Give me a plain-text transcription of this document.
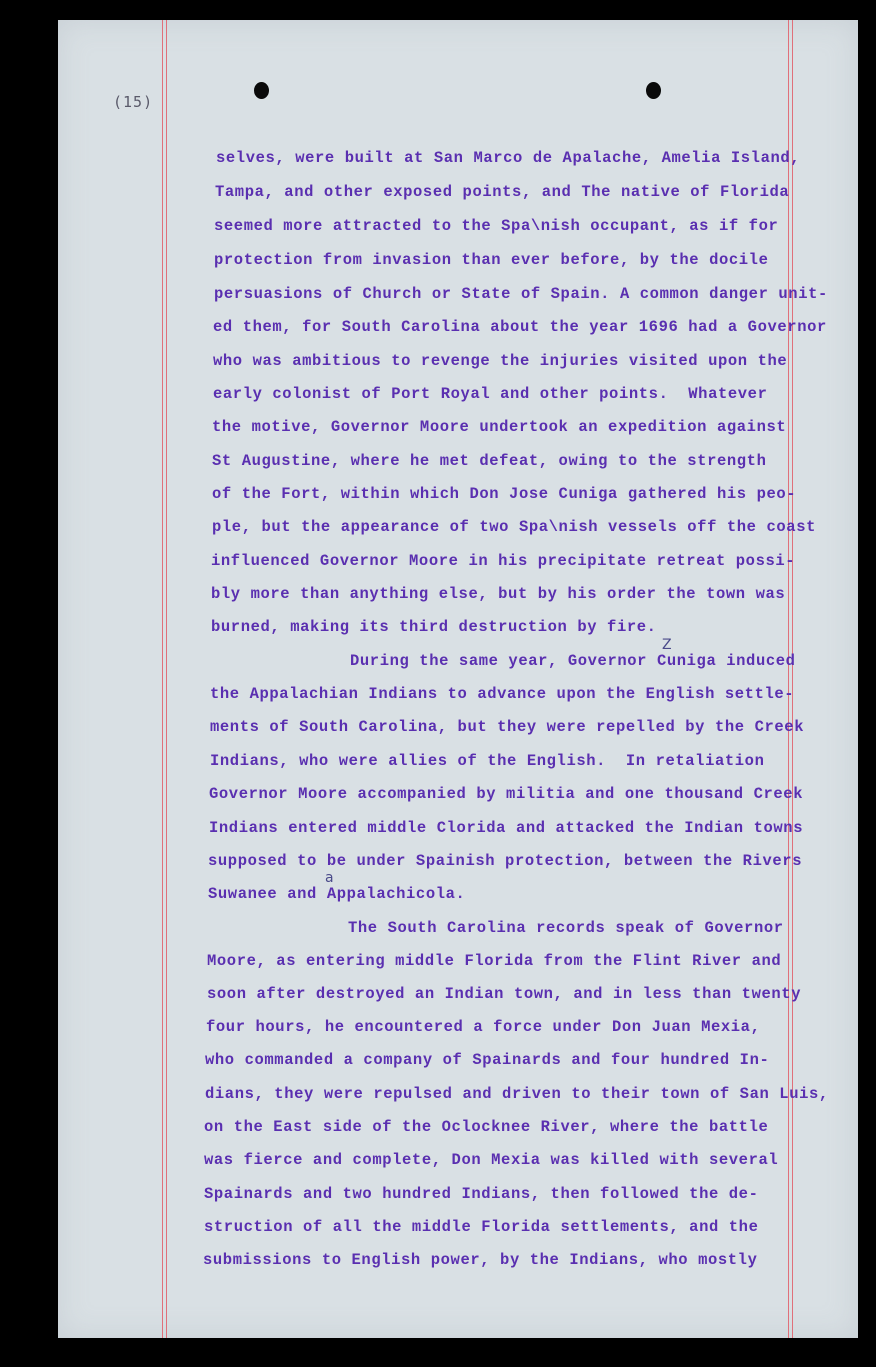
(15)
Z
a
selves, were built at San Marco de Apalache, Amelia Island,
Tampa, and other exposed points, and The native of Florida
seemed more attracted to the Spa\nish occupant, as if for
protection from invasion than ever before, by the docile
persuasions of Church or State of Spain. A common danger unit-
ed them, for South Carolina about the year 1696 had a Governor
who was ambitious to revenge the injuries visited upon the
early colonist of Port Royal and other points.  Whatever
the motive, Governor Moore undertook an expedition against
St Augustine, where he met defeat, owing to the strength
of the Fort, within which Don Jose Cuniga gathered his peo-
ple, but the appearance of two Spa\nish vessels off the coast
influenced Governor Moore in his precipitate retreat possi-
bly more than anything else, but by his order the town was
burned, making its third destruction by fire.
During the same year, Governor Cuniga induced
the Appalachian Indians to advance upon the English settle-
ments of South Carolina, but they were repelled by the Creek
Indians, who were allies of the English.  In retaliation
Governor Moore accompanied by militia and one thousand Creek
Indians entered middle Clorida and attacked the Indian towns
supposed to be under Spainish protection, between the Rivers
Suwanee and Appalachicola.
The South Carolina records speak of Governor
Moore, as entering middle Florida from the Flint River and
soon after destroyed an Indian town, and in less than twenty
four hours, he encountered a force under Don Juan Mexia,
who commanded a company of Spainards and four hundred In-
dians, they were repulsed and driven to their town of San Luis,
on the East side of the Oclocknee River, where the battle
was fierce and complete, Don Mexia was killed with several
Spainards and two hundred Indians, then followed the de-
struction of all the middle Florida settlements, and the
submissions to English power, by the Indians, who mostly
